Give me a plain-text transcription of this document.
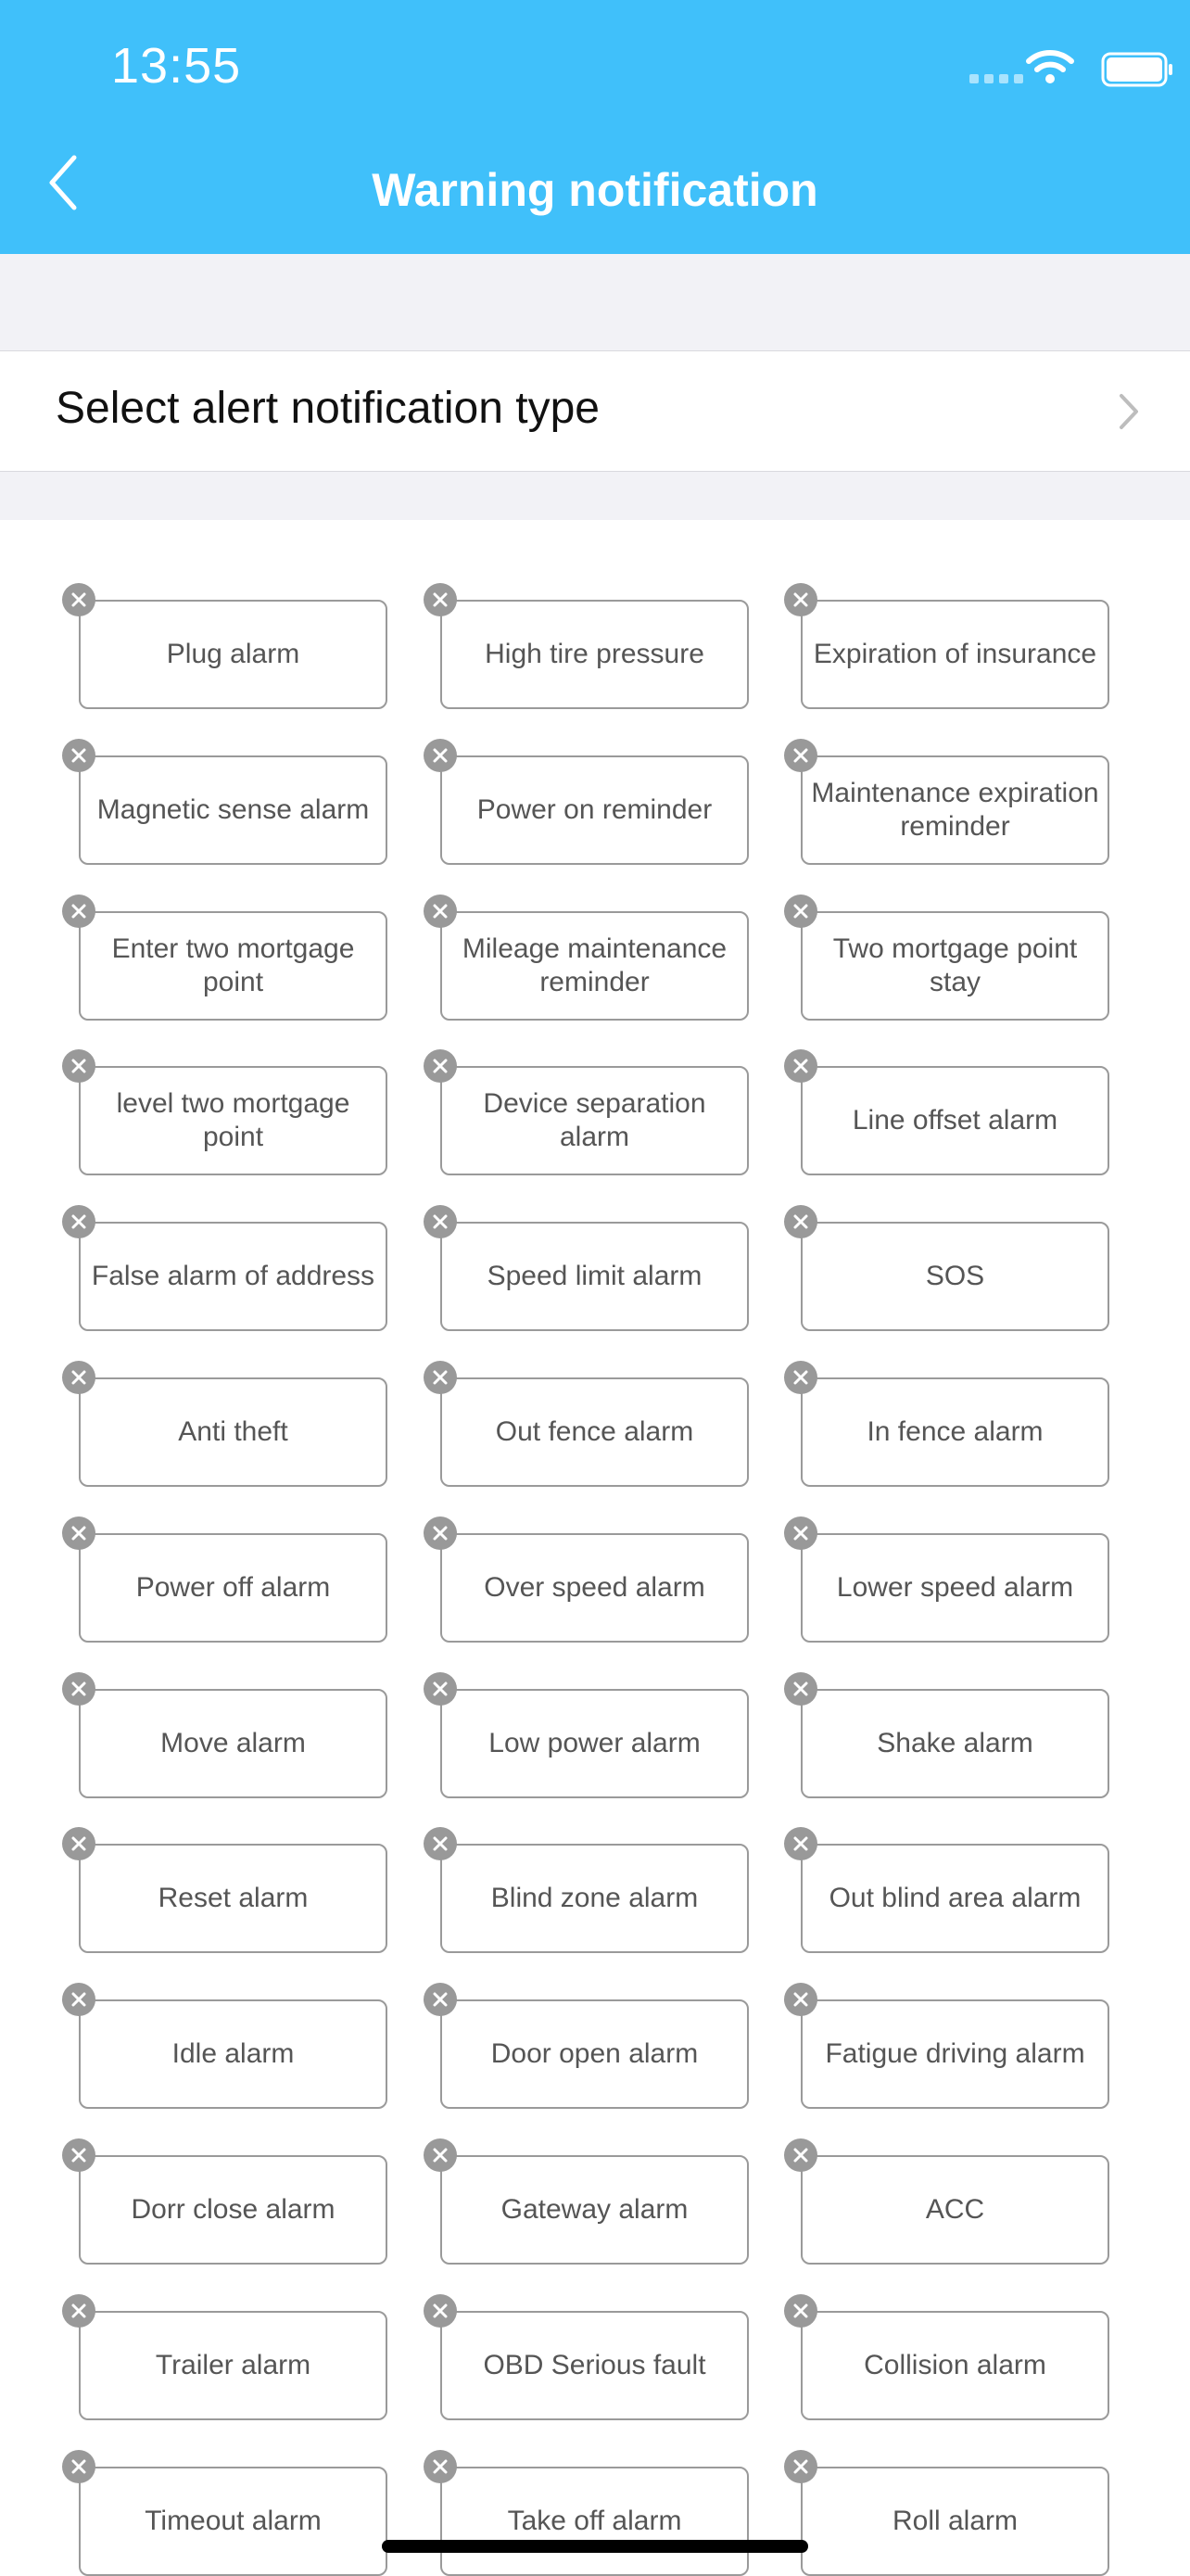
13:55
Warning notification
Select alert notification type
Plug alarm	High tire pressure	Expiration of insurance
Magnetic sense alarm	Power on reminder
Maintenance expiration reminder
Enter two mortgage point
Mileage maintenance reminder
Two mortgage point stay
level two mortgage point
Device separation alarm
Line offset alarm
False alarm of address	Speed limit alarm	SOS
Anti theft	Out fence alarm	In fence alarm
Power off alarm	Over speed alarm	Lower speed alarm
Move alarm	Low power alarm	Shake alarm
Reset alarm	Blind zone alarm	Out blind area alarm
Idle alarm	Door open alarm	Fatigue driving alarm
Dorr close alarm	Gateway alarm	ACC
Trailer alarm	OBD Serious fault	Collision alarm
Timeout alarm	Take off alarm	Roll alarm
